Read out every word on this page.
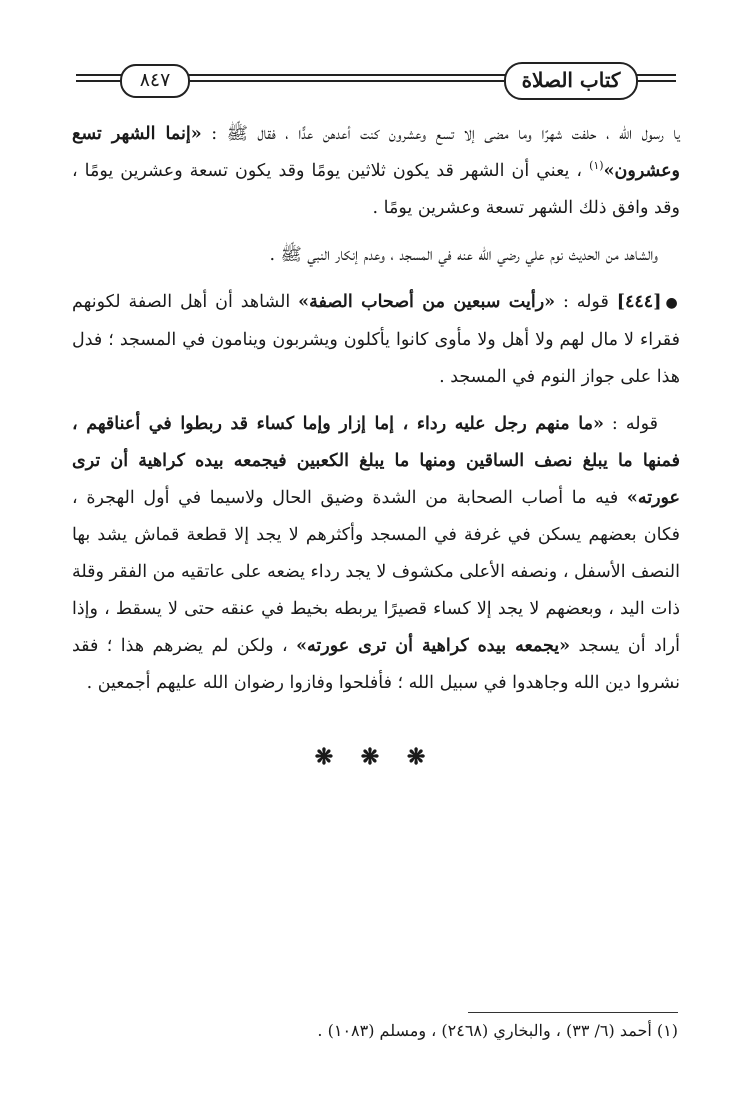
كتاب الصلاة
٨٤٧

يا رسول الله ، حلفت شهرًا وما مضى إلا تسع وعشرون كنت أعدهن عدًّا ، فقال ﷺ : «إنما الشهر تسع وعشرون»$^{(١)}$ ، يعني أن الشهر قد يكون ثلاثين يومًا وقد يكون تسعة وعشرين يومًا ، وقد وافق ذلك الشهر تسعة وعشرين يومًا .

والشاهد من الحديث نوم علي رضي الله عنه في المسجد ، وعدم إنكار النبي ﷺ .

●[٤٤٤] قوله : «رأيت سبعين من أصحاب الصفة» الشاهد أن أهل الصفة لكونهم فقراء لا مال لهم ولا أهل ولا مأوى كانوا يأكلون ويشربون وينامون في المسجد ؛ فدل هذا على جواز النوم في المسجد .

قوله : «ما منهم رجل عليه رداء ، إما إزار وإما كساء قد ربطوا في أعناقهم ، فمنها ما يبلغ نصف الساقين ومنها ما يبلغ الكعبين فيجمعه بيده كراهية أن ترى عورته» فيه ما أصاب الصحابة من الشدة وضيق الحال ولاسيما في أول الهجرة ، فكان بعضهم يسكن في غرفة في المسجد وأكثرهم لا يجد إلا قطعة قماش يشد بها النصف الأسفل ، ونصفه الأعلى مكشوف لا يجد رداء يضعه على عاتقيه من الفقر وقلة ذات اليد ، وبعضهم لا يجد إلا كساء قصيرًا يربطه بخيط في عنقه حتى لا يسقط ، وإذا أراد أن يسجد «يجمعه بيده كراهية أن ترى عورته» ، ولكن لم يضرهم هذا ؛ فقد نشروا دين الله وجاهدوا في سبيل الله ؛ فأفلحوا وفازوا رضوان الله عليهم أجمعين .

❋ ❋ ❋
(١) أحمد (٦/ ٣٣) ، والبخاري (٢٤٦٨) ، ومسلم (١٠٨٣) .
